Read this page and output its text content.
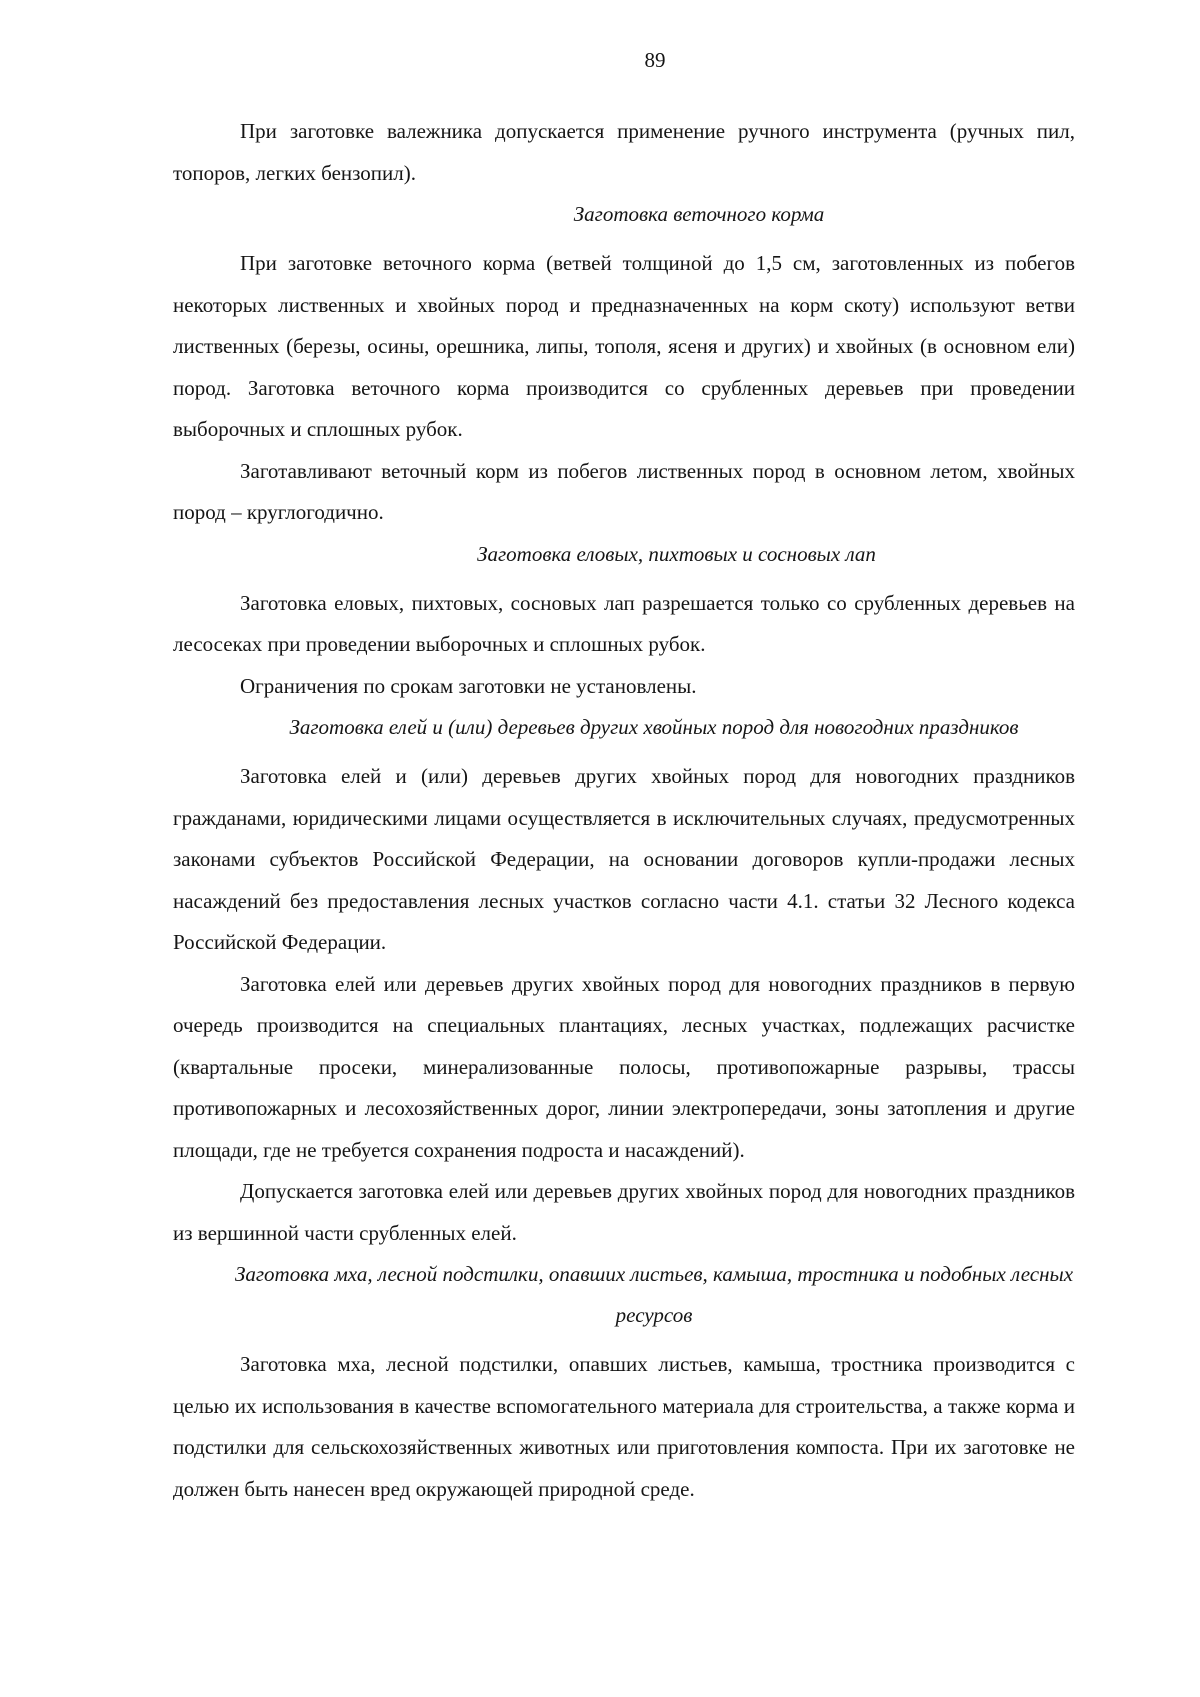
89

При заготовке валежника допускается применение ручного инструмента (ручных пил, топоров, легких бензопил).

Заготовка веточного корма

При заготовке веточного корма (ветвей толщиной до 1,5 см, заготовленных из побегов некоторых лиственных и хвойных пород и предназначенных на корм скоту) используют ветви лиственных (березы, осины, орешника, липы, тополя, ясеня и других) и хвойных (в основном ели) пород. Заготовка веточного корма производится со срубленных деревьев при проведении выборочных и сплошных рубок.

Заготавливают веточный корм из побегов лиственных пород в основном летом, хвойных пород – круглогодично.

Заготовка еловых, пихтовых и сосновых лап

Заготовка еловых, пихтовых, сосновых лап разрешается только со срубленных деревьев на лесосеках при проведении выборочных и сплошных рубок.

Ограничения по срокам заготовки не установлены.

Заготовка елей и (или) деревьев других хвойных пород для новогодних праздников

Заготовка елей и (или) деревьев других хвойных пород для новогодних праздников гражданами, юридическими лицами осуществляется в исключительных случаях, предусмотренных законами субъектов Российской Федерации, на основании договоров купли-продажи лесных насаждений без предоставления лесных участков согласно части 4.1. статьи 32 Лесного кодекса Российской Федерации.

Заготовка елей или деревьев других хвойных пород для новогодних праздников в первую очередь производится на специальных плантациях, лесных участках, подлежащих расчистке (квартальные просеки, минерализованные полосы, противопожарные разрывы, трассы противопожарных и лесохозяйственных дорог, линии электропередачи, зоны затопления и другие площади, где не требуется сохранения подроста и насаждений).

Допускается заготовка елей или деревьев других хвойных пород для новогодних праздников из вершинной части срубленных елей.

Заготовка мха, лесной подстилки, опавших листьев, камыша, тростника и подобных лесных ресурсов

Заготовка мха, лесной подстилки, опавших листьев, камыша, тростника производится с целью их использования в качестве вспомогательного материала для строительства, а также корма и подстилки для сельскохозяйственных животных или приготовления компоста. При их заготовке не должен быть нанесен вред окружающей природной среде.
